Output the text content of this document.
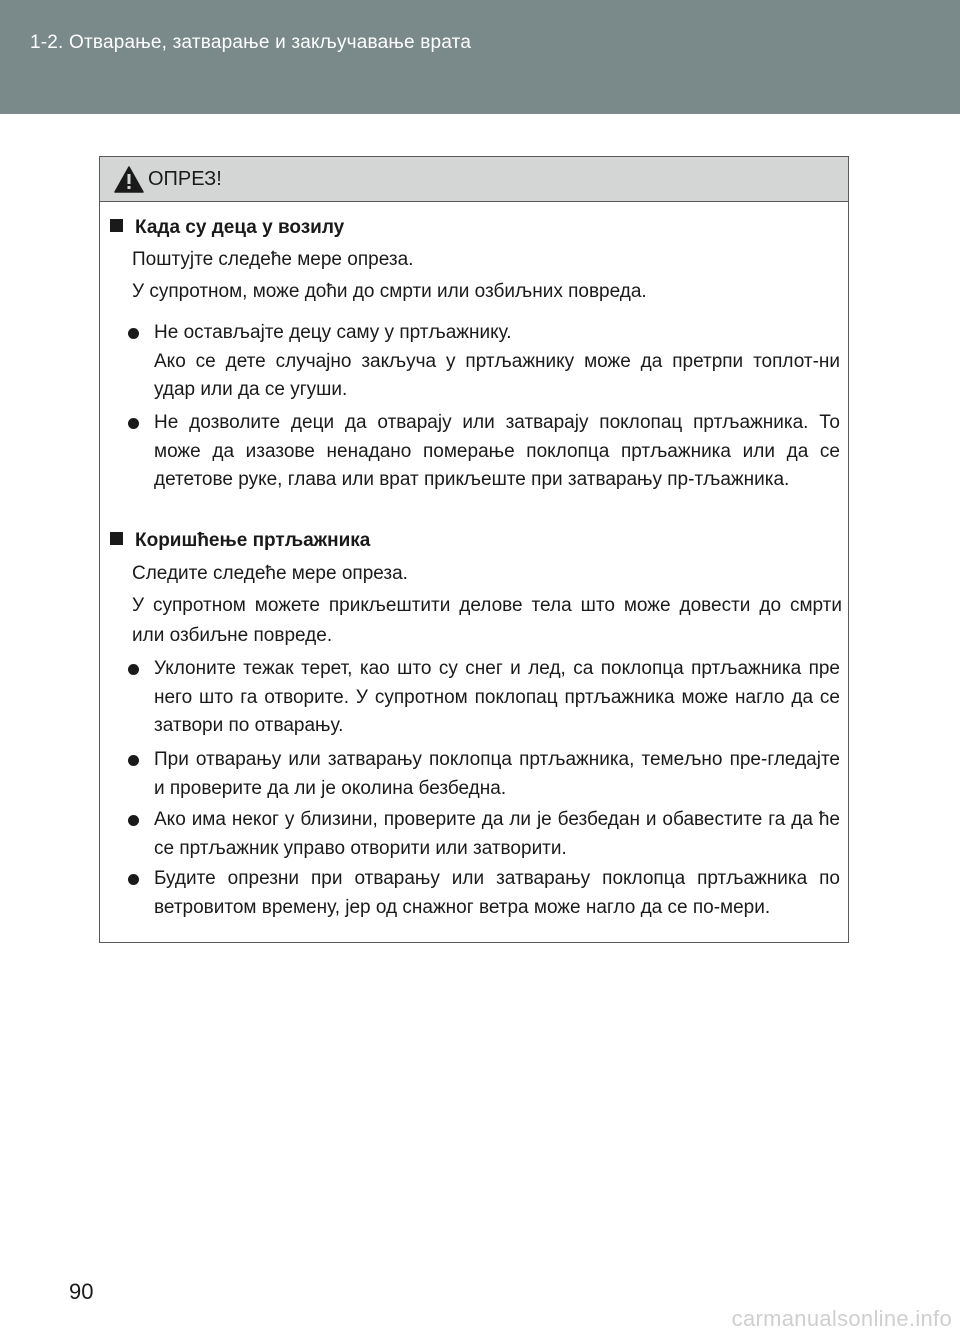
1-2. Отварање, затварање и закључавање врата
ОПРЕЗ!
Када су деца у возилу
Поштујте следеће мере опреза.
У супротном, може доћи до смрти или озбиљних повреда.
Не остављајте децу саму у пртљажнику.
Ако се дете случајно закључа у пртљажнику може да претрпи топлот-ни удар или да се угуши.
Не дозволите деци да отварају или затварају поклопац пртљажника. То може да изазове ненадано померање поклопца пртљажника или да се дететове руке, глава или врат прикљеште при затварању пр-тљажника.
Коришћење пртљажника
Следите следеће мере опреза.
У супротном можете прикљештити делове тела што може довести до смрти или озбиљне повреде.
Уклоните тежак терет, као што су снег и лед, са поклопца пртљажника пре него што га отворите. У супротном поклопац пртљажника може нагло да се затвори по отварању.
При отварању или затварању поклопца пртљажника, темељно пре-гледајте и проверите да ли је околина безбедна.
Ако има неког у близини, проверите да ли је безбедан и обавестите га да ће се пртљажник управо отворити или затворити.
Будите опрезни при отварању или затварању поклопца пртљажника по ветровитом времену, јер од снажног ветра може нагло да се по-мери.
90
carmanualsonline.info
